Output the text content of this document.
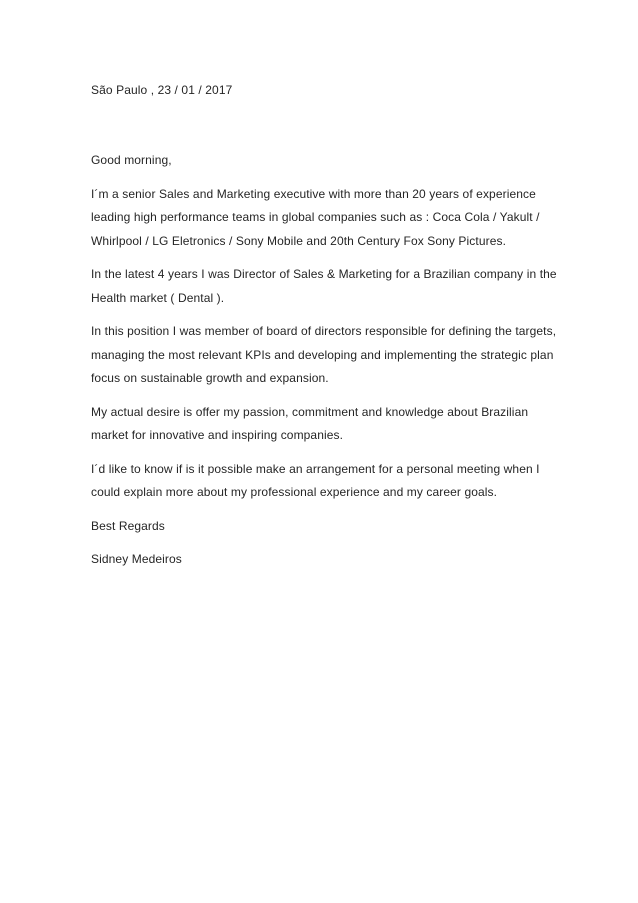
São Paulo , 23 / 01 / 2017
Good morning,
I´m a senior Sales and Marketing executive with more than 20 years of experience
leading high performance teams in global companies such as : Coca Cola / Yakult /
Whirlpool / LG Eletronics / Sony Mobile and 20th Century Fox Sony Pictures.
In the latest 4 years I was Director of Sales & Marketing for a Brazilian company in the
Health market ( Dental ).
In this position I was member of board of directors responsible for defining the targets,
managing the most relevant KPIs and developing and implementing the strategic plan
focus on sustainable growth and expansion.
My actual desire is offer my passion, commitment and knowledge about Brazilian
market for innovative and inspiring companies.
I´d like to know if is it possible make an arrangement for a personal meeting when I
could explain more about my professional experience and my career goals.
Best Regards
Sidney Medeiros
